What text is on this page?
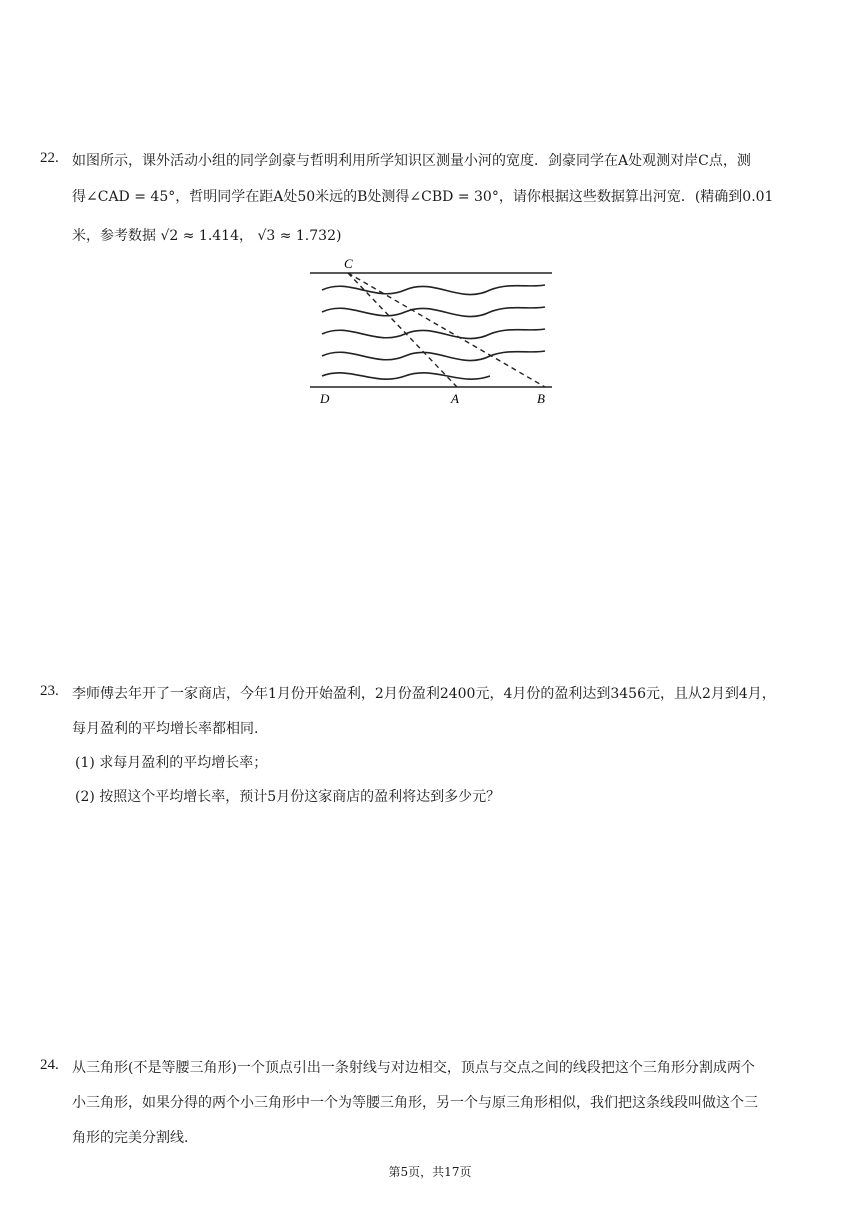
22. 如图所示，课外活动小组的同学剑豪与哲明利用所学知识区测量小河的宽度．剑豪同学在A处观测对岸C点，测
得∠CAD = 45°，哲明同学在距A处50米远的B处测得∠CBD = 30°，请你根据这些数据算出河宽．(精确到0.01
米，参考数据 √2 ≈ 1.414， √3 ≈ 1.732)
C
D	A	B
23. 李师傅去年开了一家商店，今年1月份开始盈利，2月份盈利2400元，4月份的盈利达到3456元，且从2月到4月，
每月盈利的平均增长率都相同.
(1) 求每月盈利的平均增长率；
(2) 按照这个平均增长率，预计5月份这家商店的盈利将达到多少元？
24. 从三角形(不是等腰三角形)一个顶点引出一条射线与对边相交，顶点与交点之间的线段把这个三角形分割成两个
小三角形，如果分得的两个小三角形中一个为等腰三角形，另一个与原三角形相似，我们把这条线段叫做这个三
角形的完美分割线.
第5页，共17页
